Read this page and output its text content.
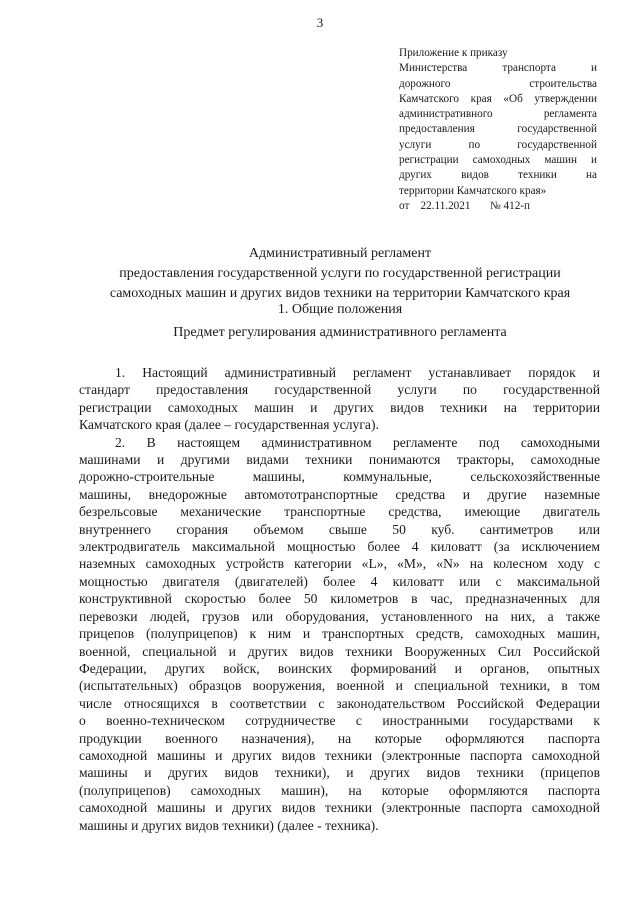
3
Приложение к приказу
Министерства транспорта и
дорожного строительства
Камчатского края «Об утверждении
административного регламента
предоставления государственной
услуги по государственной
регистрации самоходных машин и
других видов техники на
территории Камчатского края»
от 22.11.2021 № 412-п
Административный регламент
предоставления государственной услуги по государственной регистрации
самоходных машин и других видов техники на территории Камчатского края
1. Общие положения
Предмет регулирования административного регламента
1. Настоящий административный регламент устанавливает порядок и
стандарт предоставления государственной услуги по государственной
регистрации самоходных машин и других видов техники на территории
Камчатского края (далее – государственная услуга).
2. В настоящем административном регламенте под самоходными
машинами и другими видами техники понимаются тракторы, самоходные
дорожно-строительные машины, коммунальные, сельскохозяйственные
машины, внедорожные автомототранспортные средства и другие наземные
безрельсовые механические транспортные средства, имеющие двигатель
внутреннего сгорания объемом свыше 50 куб. сантиметров или
электродвигатель максимальной мощностью более 4 киловатт (за исключением
наземных самоходных устройств категории «L», «M», «N» на колесном ходу с
мощностью двигателя (двигателей) более 4 киловатт или с максимальной
конструктивной скоростью более 50 километров в час, предназначенных для
перевозки людей, грузов или оборудования, установленного на них, а также
прицепов (полуприцепов) к ним и транспортных средств, самоходных машин,
военной, специальной и других видов техники Вооруженных Сил Российской
Федерации, других войск, воинских формирований и органов, опытных
(испытательных) образцов вооружения, военной и специальной техники, в том
числе относящихся в соответствии с законодательством Российской Федерации
о военно-техническом сотрудничестве с иностранными государствами к
продукции военного назначения), на которые оформляются паспорта
самоходной машины и других видов техники (электронные паспорта самоходной
машины и других видов техники), и других видов техники (прицепов
(полуприцепов) самоходных машин), на которые оформляются паспорта
самоходной машины и других видов техники (электронные паспорта самоходной
машины и других видов техники) (далее - техника).
